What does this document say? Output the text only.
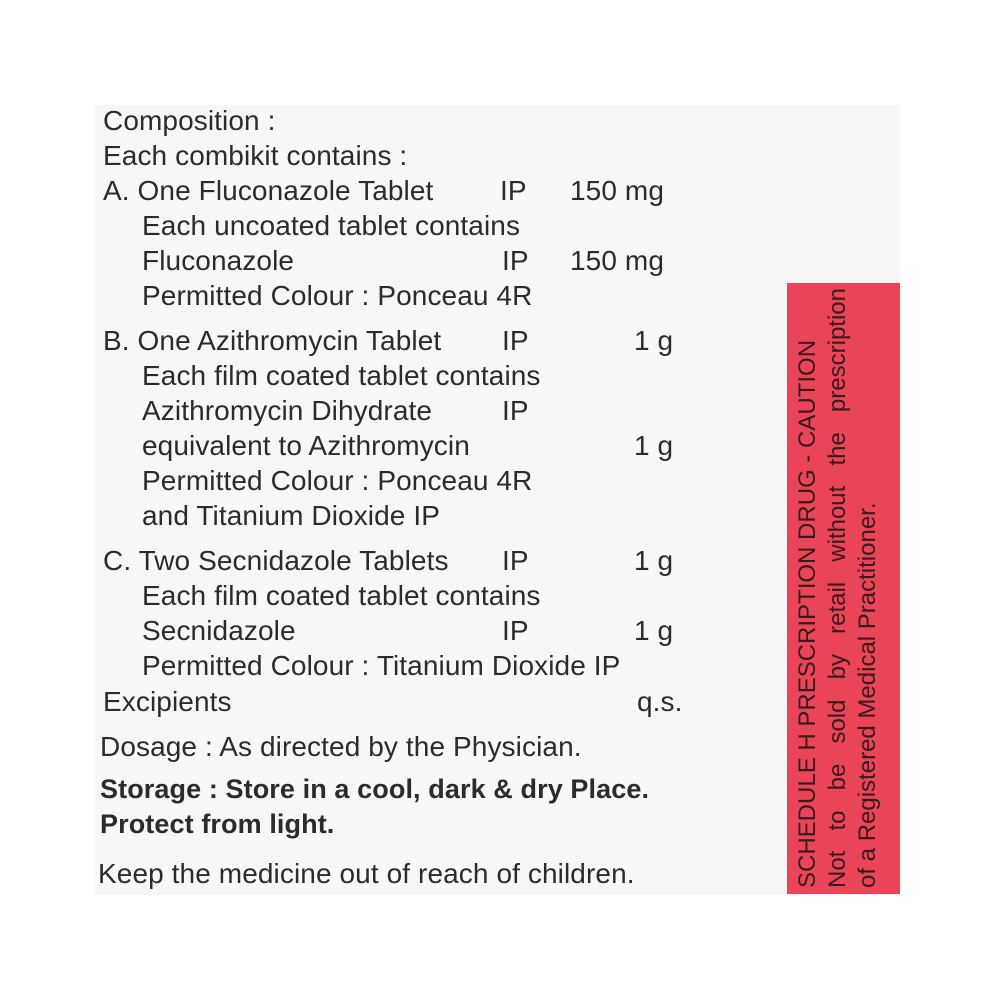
Composition :
Each combikit contains :
A. One Fluconazole Tablet IP 150 mg
Each uncoated tablet contains
Fluconazole	IP 150 mg
Permitted Colour : Ponceau 4R
B. One Azithromycin Tablet IP	1 g
Each film coated tablet contains
Azithromycin Dihydrate IP
equivalent to Azithromycin	1 g
Permitted Colour : Ponceau 4R
and Titanium Dioxide IP
C. Two Secnidazole Tablets IP	1 g
Each film coated tablet contains
Secnidazole	IP	1 g
Permitted Colour : Titanium Dioxide IP
Excipients	q.s.
Dosage : As directed by the Physician.
Storage : Store in a cool, dark & dry Place.
Protect from light.
Keep the medicine out of reach of children.	SCHEDULE H PRESCRIPTION DRUG - CAUTION Not to be sold by retail without the prescription of a Registered Medical Practitioner.
